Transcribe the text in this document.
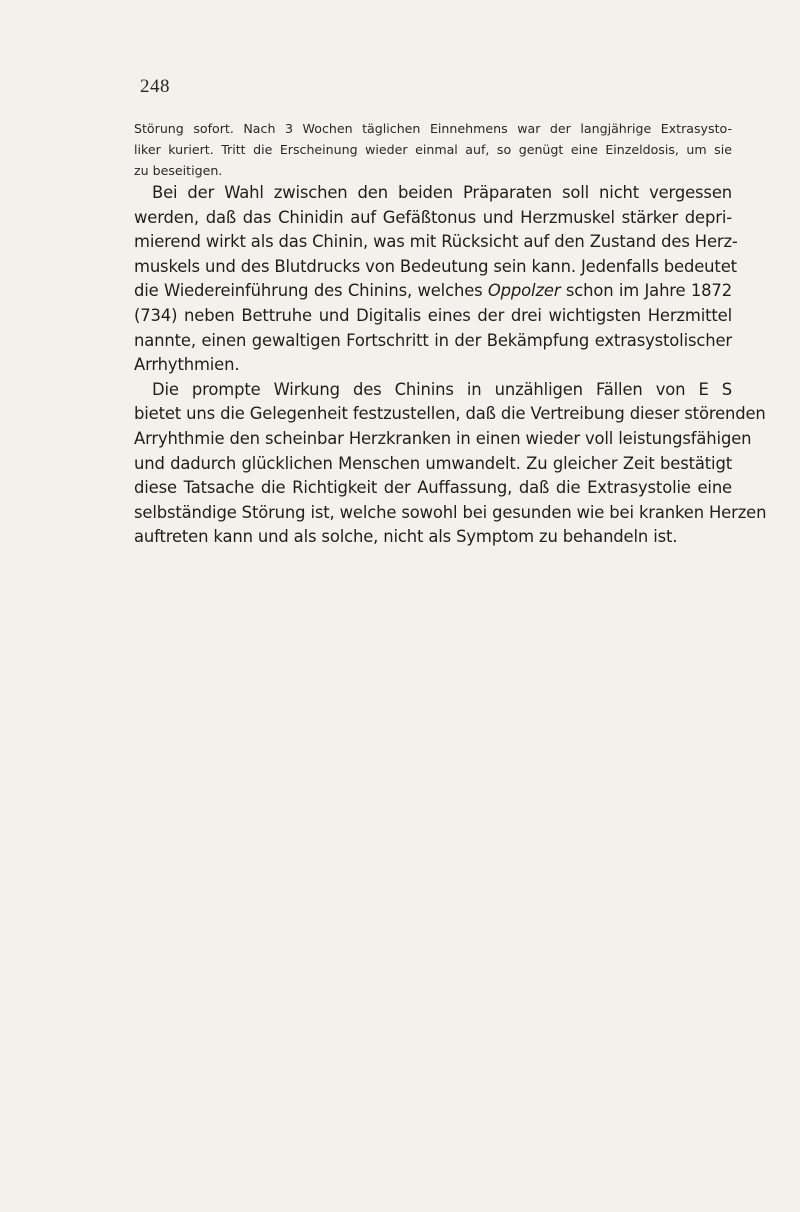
248

Störung sofort. Nach 3 Wochen täglichen Einnehmens war der langjährige Extrasysto-
liker kuriert. Tritt die Erscheinung wieder einmal auf, so genügt eine Einzeldosis, um sie
zu beseitigen.

Bei der Wahl zwischen den beiden Präparaten soll nicht vergessen
werden, daß das Chinidin auf Gefäßtonus und Herzmuskel stärker depri-
mierend wirkt als das Chinin, was mit Rücksicht auf den Zustand des Herz-
muskels und des Blutdrucks von Bedeutung sein kann. Jedenfalls bedeutet
die Wiedereinführung des Chinins, welches Oppolzer schon im Jahre 1872
(734) neben Bettruhe und Digitalis eines der drei wichtigsten Herzmittel
nannte, einen gewaltigen Fortschritt in der Bekämpfung extrasystolischer
Arrhythmien.

Die prompte Wirkung des Chinins in unzähligen Fällen von E S
bietet uns die Gelegenheit festzustellen, daß die Vertreibung dieser störenden
Arryhthmie den scheinbar Herzkranken in einen wieder voll leistungsfähigen
und dadurch glücklichen Menschen umwandelt. Zu gleicher Zeit bestätigt
diese Tatsache die Richtigkeit der Auffassung, daß die Extrasystolie eine
selbständige Störung ist, welche sowohl bei gesunden wie bei kranken Herzen
auftreten kann und als solche, nicht als Symptom zu behandeln ist.
